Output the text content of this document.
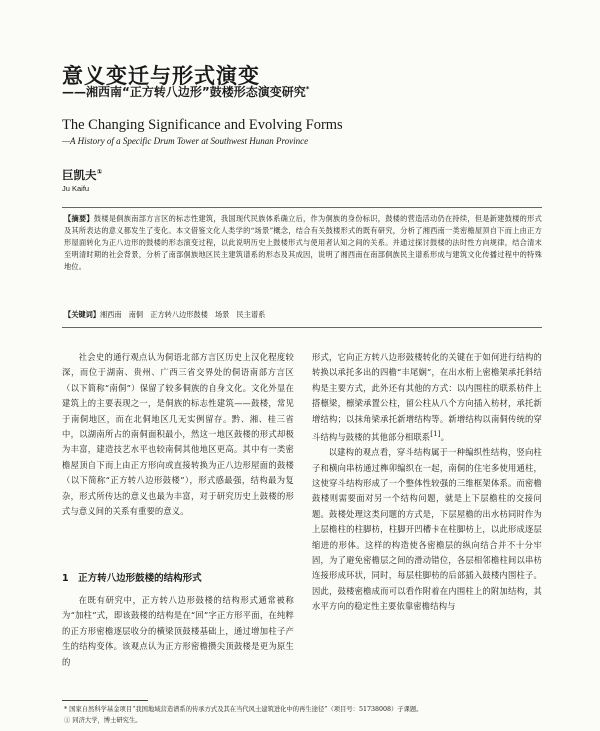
意义变迁与形式演变
——湘西南“正方转八边形”鼓楼形态演变研究*
The Changing Significance and Evolving Forms
—A History of a Specific Drum Tower at Southwest Hunan Province
巨凯夫①
Ju Kaifu
【摘要】鼓楼是侗族南部方言区的标志性建筑，我国现代民族体系确立后，作为侗族的身份标识，鼓楼的营造活动仍在持续，但是新建鼓楼的形式及其所表达的意义都发生了变化。本文借鉴文化人类学的“场景”概念，结合有关鼓楼形式的既有研究，分析了湘西南一类密檐屋顶自下而上由正方形屋面转化为正八边形的鼓楼的形态演变过程，以此说明历史上鼓楼形式与使用者认知之间的关系。并通过探讨鼓楼的法时性方向规律，结合清末至明清时期的社会背景，分析了南部侗族地区民主建筑谱系的形态及其成因，说明了湘西南在南部侗族民主谱系形成与建筑文化传播过程中的特殊地位。
【关键词】湘西南　南侗　正方转八边形鼓楼　场景　民主谱系

社会史的通行观点认为侗语北部方言区历史上汉化程度较深，而位于湖南、贵州、广西三省交界处的侗语南部方言区（以下简称“南侗”）保留了较多侗族的自身文化。文化外显在建筑上的主要表现之一，是侗族的标志性建筑——鼓楼，常见于南侗地区，而在北侗地区几无实例留存。黔、湘、桂三省中，以湖南所占的南侗面积最小，然这一地区鼓楼的形式却极为丰富，建造技艺水平也较南侗其他地区更高。其中有一类密檐屋顶自下而上由正方形向或直接转换为正八边形屋面的鼓楼（以下简称“正方转八边形鼓楼”），形式感最强，结构最为复杂，形式所传达的意义也最为丰富，对于研究历史上鼓楼的形式与意义间的关系有重要的意义。

1　正方转八边形鼓楼的结构形式

在既有研究中，正方转八边形鼓楼的结构形式通常被称为“加柱”式，即该鼓楼的结构是在“回”字正方形平面，在纯粹的正方形密檐逐层收分的横梁顶鼓楼基础上，通过增加柱子产生的结构变体。该观点认为正方形密檐攒尖顶鼓楼是更为原生的

形式，它向正方转八边形鼓楼转化的关键在于如何进行结构的转换以承托多出的四檐“丰尾娴”，在出水桁上密檐架承托斜结构是主要方式，此外还有其他的方式：以内围柱的联系枋件上搭檩梁，檩梁承置公柱，留公柱从八个方向插入枋材，承托新增结构；以抹角梁承托新增结构等。新增结构以南侗传统的穿斗结构与鼓楼的其他部分相联系[1]。

以建构的观点看，穿斗结构属于一种编织性结构，竖向柱子和横向串枋通过榫卯编织在一起，南侗的住宅多使用通柱，这使穿斗结构形成了一个整体性较强的三维框架体系。而密檐鼓楼则需要面对另一个结构问题，就是上下层檐柱的交接问题。鼓楼处理这类问题的方式是，下层屋檐的出水枋同时作为上层檐柱的柱脚枋，柱脚开凹槽卡在柱脚枋上，以此形成逐层缩进的形体。这样的构造使各密檐层的纵向结合并不十分牢固，为了避免密檐层之间的滑动错位，各层相邻檐柱间以串枋连接形成环状，同时，每层柱脚枋的后部插入鼓楼内围柱子。因此，鼓楼密檐成而可以看作附着在内围柱上的附加结构，其水平方向的稳定性主要依靠密檐结构与

* 国家自然科学基金项目“我国地域营造谱系的传承方式及其在当代风土建筑进化中的再生途径”（项目号：51738008）子课题。
① 同济大学，博士研究生。
